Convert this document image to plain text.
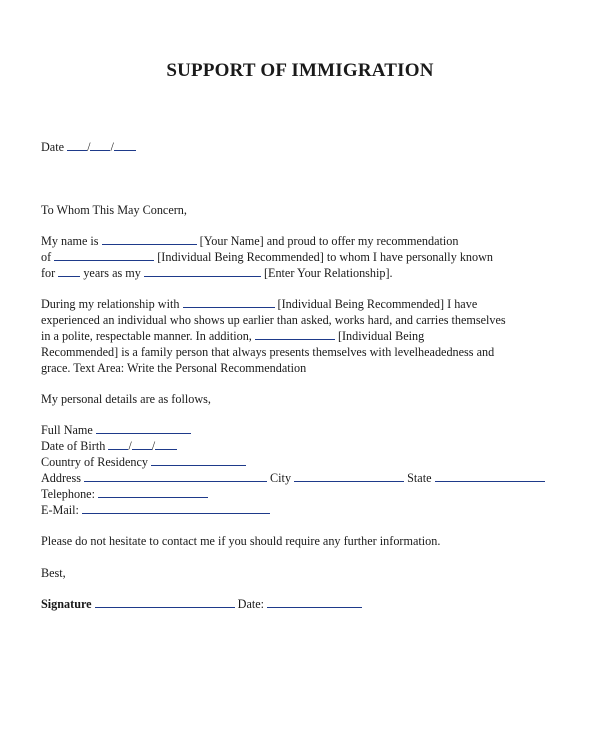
SUPPORT OF IMMIGRATION
Date / /
To Whom This May Concern,
My name is	[Your Name] and proud to offer my recommendation
of	[Individual Being Recommended] to whom I have personally known
for years as my	[Enter Your Relationship].
During my relationship with	[Individual Being Recommended] I have
experienced an individual who shows up earlier than asked, works hard, and carries themselves
in a polite, respectable manner. In addition,	[Individual Being
Recommended] is a family person that always presents themselves with levelheadedness and
grace. Text Area: Write the Personal Recommendation
My personal details are as follows,
Full Name
Date of Birth / /
Country of Residency
Address	City	State
Telephone:
E-Mail:
Please do not hesitate to contact me if you should require any further information.
Best,
Signature	Date:
